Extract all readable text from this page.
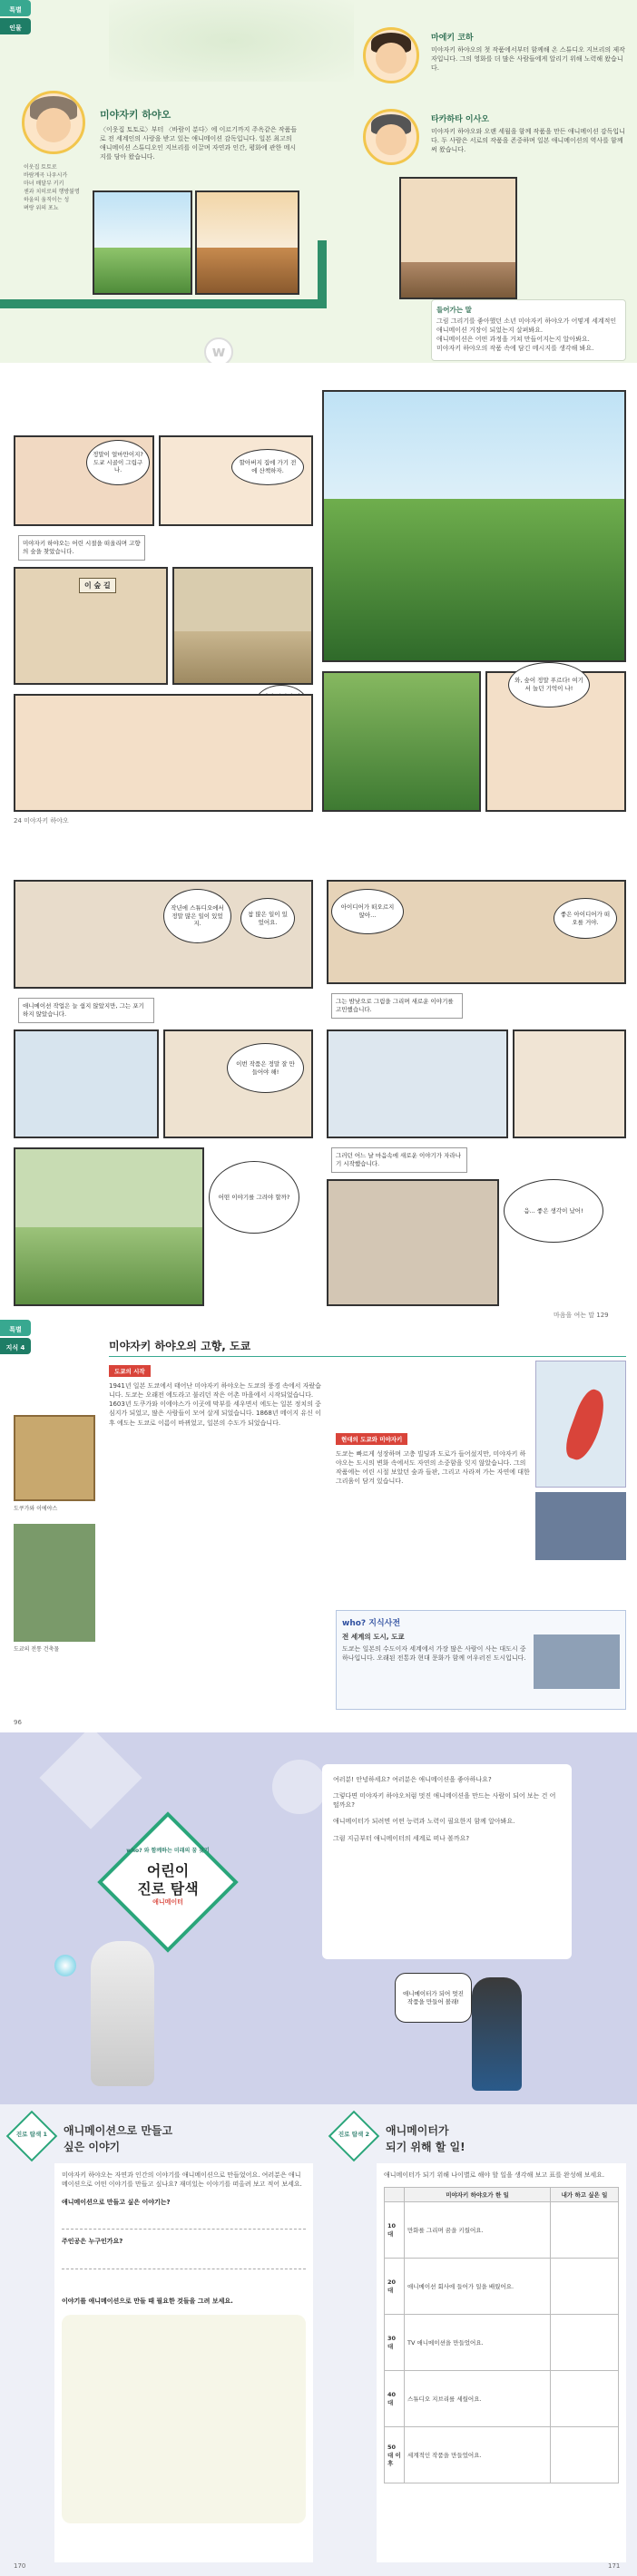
특별
인물
미야자키 하야오
〈이웃집 토토로〉부터 〈바람이 분다〉에 이르기까지 주옥같은 작품들로 전 세계인의 사랑을 받고 있는 애니메이션 감독입니다. 일본 최고의 애니메이션 스튜디오인 지브리를 이끌며 자연과 인간, 평화에 관한 메시지를 담아 왔습니다.
이웃집 토토로
바람계곡 나우시카
마녀 배달부 키키
센과 치히로의 행방불명
하울의 움직이는 성
벼랑 위의 포뇨
마에키 코하
미야자키 하야오의 첫 작품에서부터 함께해 온 스튜디오 지브리의 제작자입니다. 그의 영화를 더 많은 사람들에게 알리기 위해 노력해 왔습니다.
타카하타 이사오
미야자키 하야오와 오랜 세월을 함께 작품을 만든 애니메이션 감독입니다. 두 사람은 서로의 작품을 존중하며 일본 애니메이션의 역사를 함께 써 왔습니다.
들어가는 말
그림 그리기를 좋아했던 소년 미야자키 하야오가 어떻게 세계적인 애니메이션 거장이 되었는지 살펴봐요.
애니메이션은 어떤 과정을 거쳐 만들어지는지 알아봐요.
미야자키 하야오의 작품 속에 담긴 메시지를 생각해 봐요.
w
정말이 얼마만이지? 도쿄 시골이 그립구나.
할아버지 집에 가기 전에 산책하자.
미야자키 하야오는 어린 시절을 떠올리며 고향의 숲을 찾았습니다.
이 숲 길
와, 숲이 정말 푸르다! 여기서 놀던 기억이 나!
24 미야자키 하야오
작년에 스튜디오에서 정말 많은 일이 있었지.
참 많은 일이 있었어요.
애니메이션 작업은 늘 쉽지 않았지만, 그는 포기하지 않았습니다.
이번 작품은 정말 잘 만들어야 해!
어떤 이야기를 그려야 할까?
아이디어가 떠오르지 않아...	좋은 아이디어가 떠오를 거야.
그는 밤낮으로 그림을 그리며 새로운 이야기를 고민했습니다.
그러던 어느 날 마음속에 새로운 이야기가 자라나기 시작했습니다.
음... 좋은 생각이 났어!
마음을 여는 말 129
특별
지식 4	미야자키 하야오의 고향, 도쿄
도쿠가와 이에야스
도쿄의 전통 건축물
도쿄의 시작
1941년 일본 도쿄에서 태어난 미야자키 하야오는 도쿄의 풍경 속에서 자랐습니다. 도쿄는 오래전 에도라고 불리던 작은 어촌 마을에서 시작되었습니다. 1603년 도쿠가와 이에야스가 이곳에 막부를 세우면서 에도는 일본 정치의 중심지가 되었고, 많은 사람들이 모여 살게 되었습니다. 1868년 메이지 유신 이후 에도는 도쿄로 이름이 바뀌었고, 일본의 수도가 되었습니다.
현대의 도쿄와 미야자키
도쿄는 빠르게 성장하며 고층 빌딩과 도로가 들어섰지만, 미야자키 하야오는 도시의 변화 속에서도 자연의 소중함을 잊지 않았습니다. 그의 작품에는 어린 시절 보았던 숲과 들판, 그리고 사라져 가는 자연에 대한 그리움이 담겨 있습니다.
who? 지식사전
전 세계의 도시, 도쿄
도쿄는 일본의 수도이자 세계에서 가장 많은 사람이 사는 대도시 중 하나입니다. 오래된 전통과 현대 문화가 함께 어우러진 도시입니다.
96
who? 와 함께하는 미래의 꿈 찾기
어린이
진로 탐색
애니메이터
여러분! 안녕하세요? 여러분은 애니메이션을 좋아하나요?
그렇다면 미야자키 하야오처럼 멋진 애니메이션을 만드는 사람이 되어 보는 건 어떨까요?
애니메이터가 되려면 어떤 능력과 노력이 필요한지 함께 알아봐요.
그럼 지금부터 애니메이터의 세계로 떠나 볼까요?
애니메이터가 되어 멋진 작품을 만들어 볼래!
진로 탐색 1	애니메이션으로 만들고
싶은 이야기
미야자키 하야오는 자연과 인간의 이야기를 애니메이션으로 만들었어요. 여러분은 애니메이션으로 어떤 이야기를 만들고 싶나요? 재미있는 이야기를 떠올려 보고 적어 보세요.
애니메이션으로 만들고 싶은 이야기는?
주인공은 누구인가요?
이야기를 애니메이션으로 만들 때 필요한 것들을 그려 보세요.
진로 탐색 2	애니메이터가
되기 위해 할 일!
애니메이터가 되기 위해 나이별로 해야 할 일을 생각해 보고 표를 완성해 보세요.
	미야자키 하야오가 한 일	내가 하고 싶은 일
10대	만화를 그리며 꿈을 키웠어요.	
20대	애니메이션 회사에 들어가 일을 배웠어요.	
30대	TV 애니메이션을 만들었어요.	
40대	스튜디오 지브리를 세웠어요.	
50대 이후	세계적인 작품을 만들었어요.	
170	171
